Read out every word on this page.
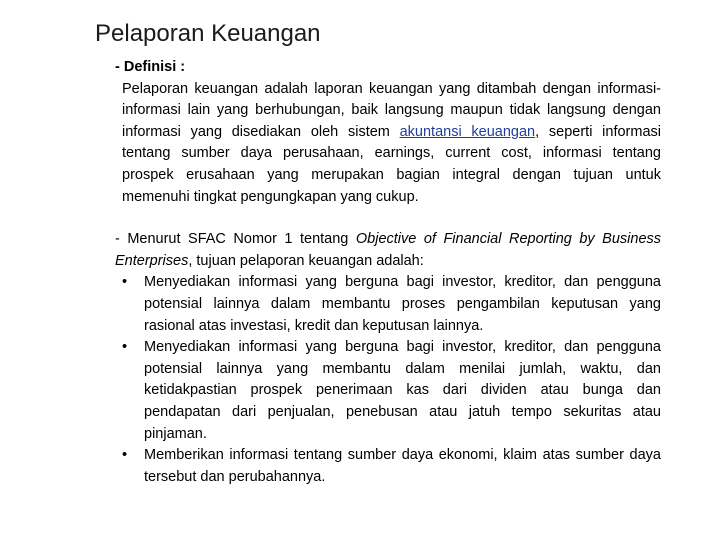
Pelaporan Keuangan
- Definisi :

Pelaporan keuangan adalah laporan keuangan yang ditambah dengan informasi-informasi lain yang berhubungan, baik langsung maupun tidak langsung dengan informasi yang disediakan oleh sistem akuntansi keuangan, seperti informasi tentang sumber daya perusahaan, earnings, current cost, informasi tentang prospek erusahaan yang merupakan bagian integral dengan tujuan untuk memenuhi tingkat pengungkapan yang cukup.

- Menurut SFAC Nomor 1 tentang Objective of Financial Reporting by Business Enterprises, tujuan pelaporan keuangan adalah:

• Menyediakan informasi yang berguna bagi investor, kreditor, dan pengguna potensial lainnya dalam membantu proses pengambilan keputusan yang rasional atas investasi, kredit dan keputusan lainnya.
• Menyediakan informasi yang berguna bagi investor, kreditor, dan pengguna potensial lainnya yang membantu dalam menilai jumlah, waktu, dan ketidakpastian prospek penerimaan kas dari dividen atau bunga dan pendapatan dari penjualan, penebusan atau jatuh tempo sekuritas atau pinjaman.
• Memberikan informasi tentang sumber daya ekonomi, klaim atas sumber daya tersebut dan perubahannya.
